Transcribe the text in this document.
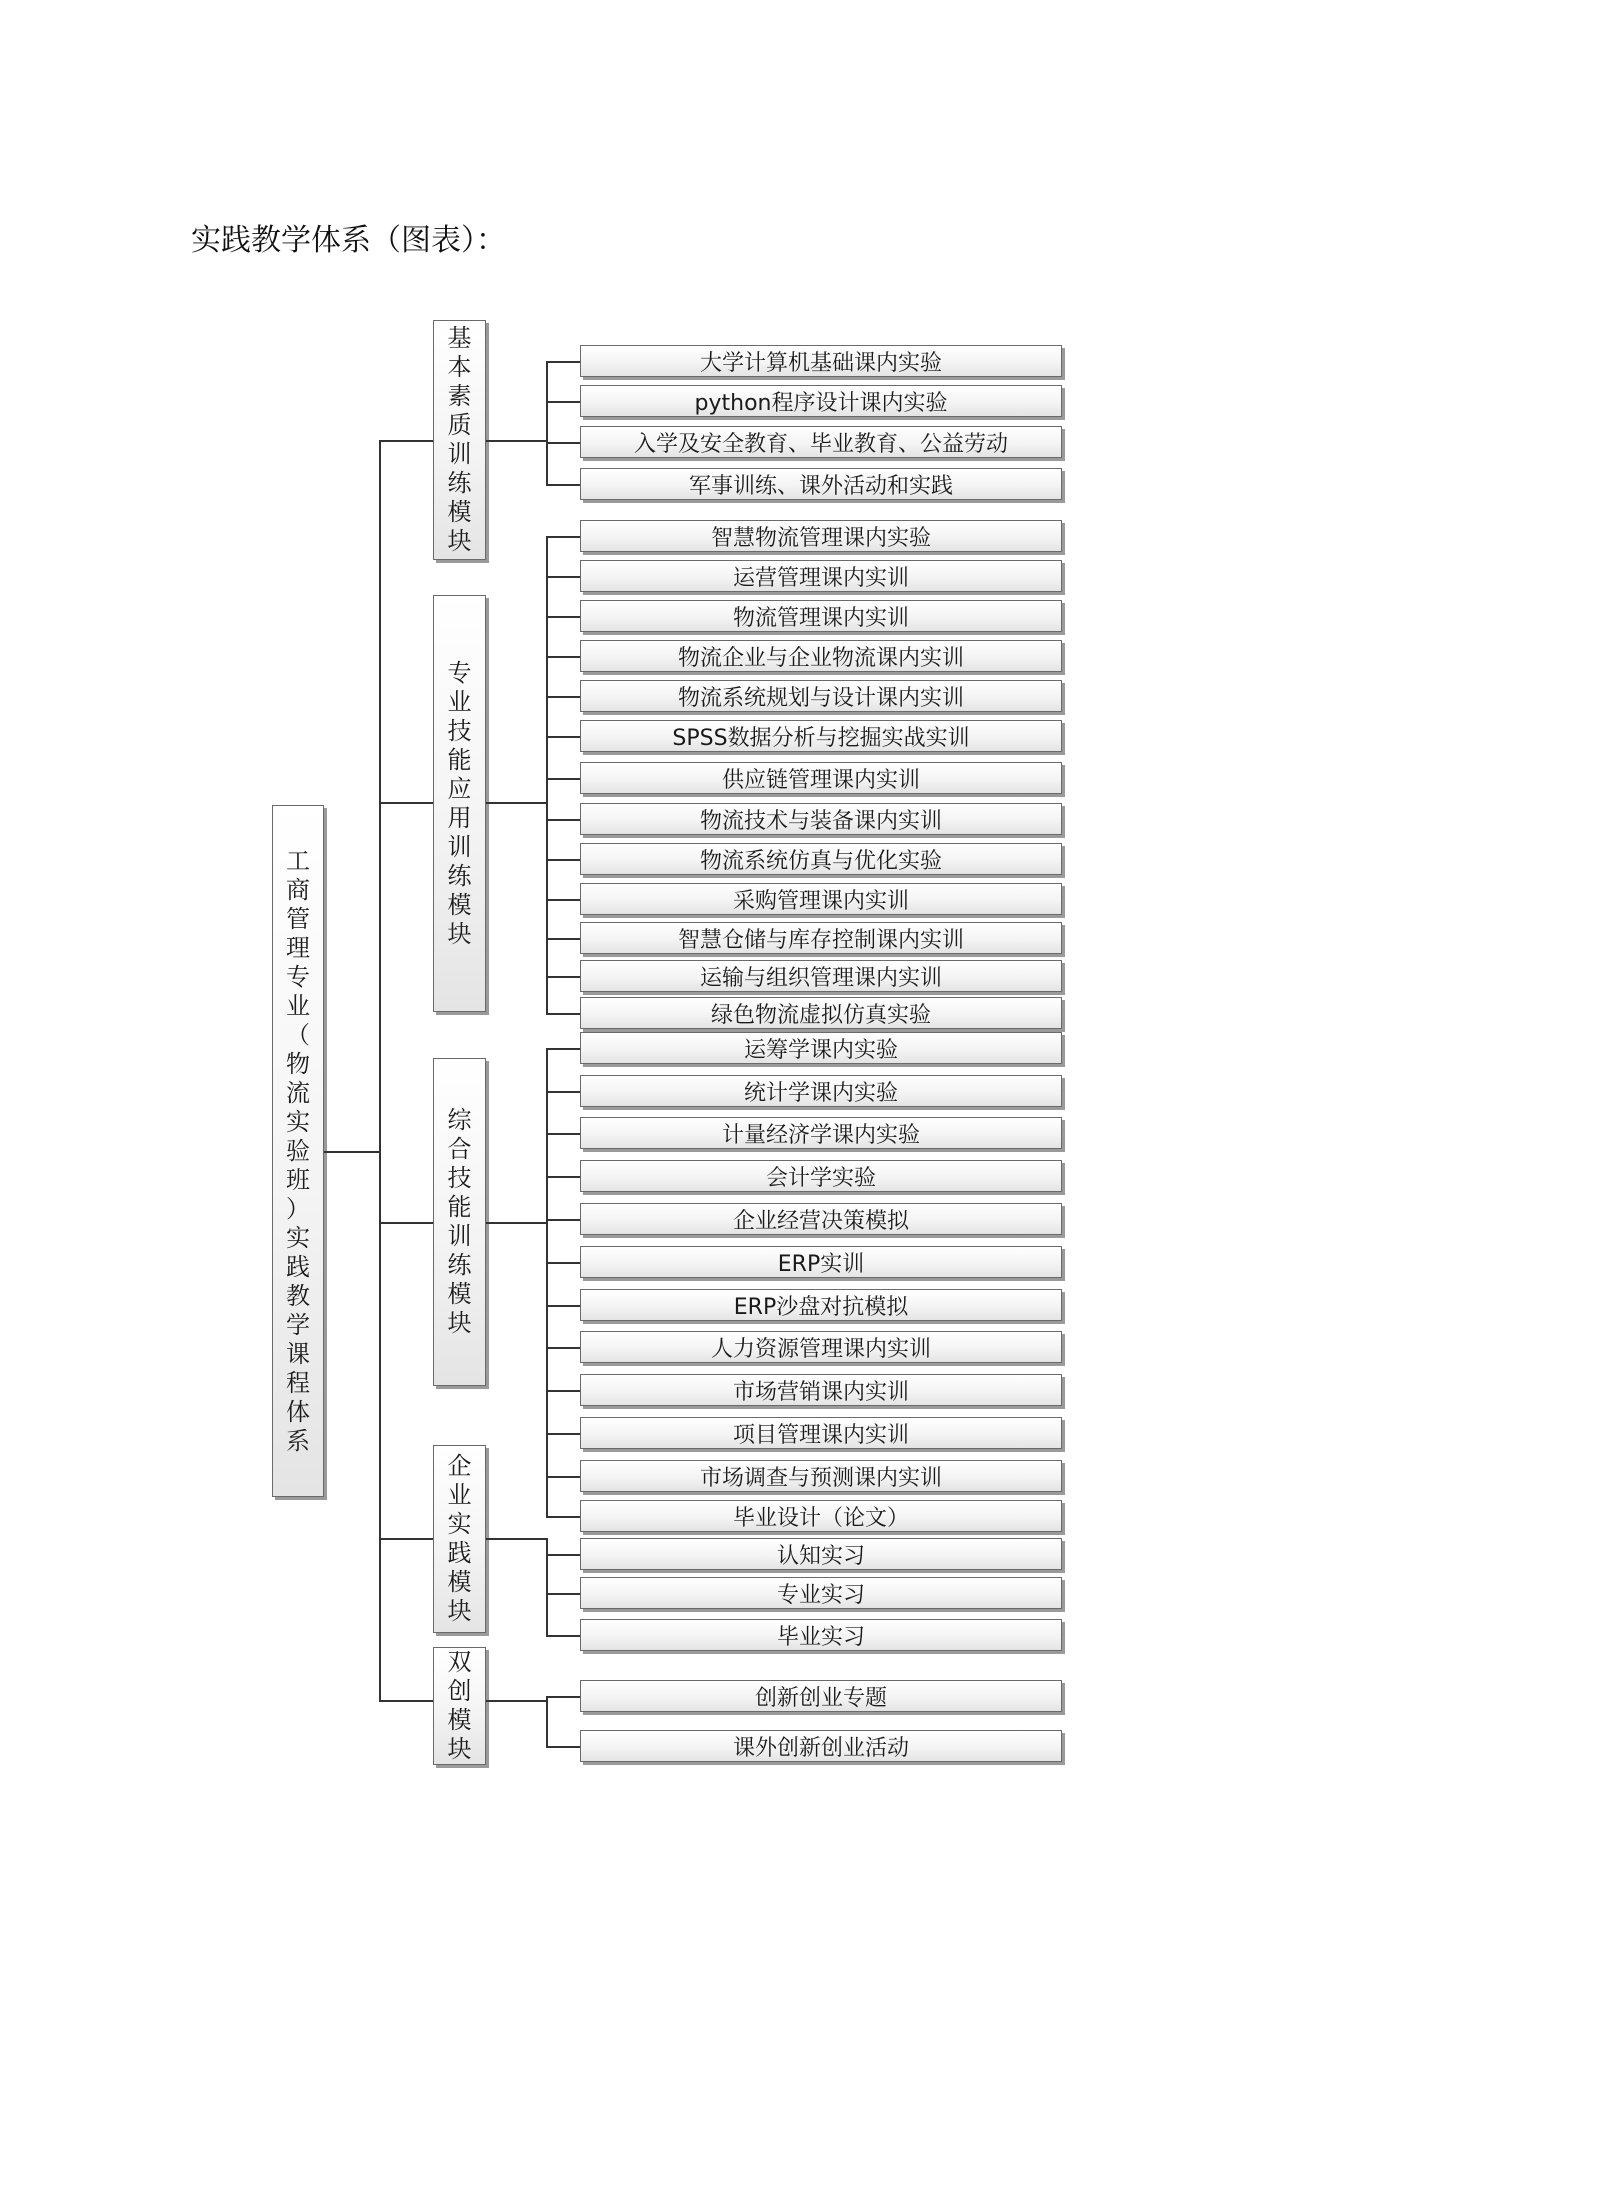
实践教学体系（图表）：
工
商
管
理
专
业
（
物
流
实
验
班
）
实
践
教
学
课
程
体
系
基
本
素
质
训
练
模
块
大学计算机基础课内实验
python程序设计课内实验
入学及安全教育、毕业教育、公益劳动
军事训练、课外活动和实践
专
业
技
能
应
用
训
练
模
块
智慧物流管理课内实验
运营管理课内实训
物流管理课内实训
物流企业与企业物流课内实训
物流系统规划与设计课内实训
SPSS数据分析与挖掘实战实训
供应链管理课内实训
物流技术与装备课内实训
物流系统仿真与优化实验
采购管理课内实训
智慧仓储与库存控制课内实训
运输与组织管理课内实训
绿色物流虚拟仿真实验
综
合
技
能
训
练
模
块
运筹学课内实验
统计学课内实验
计量经济学课内实验
会计学实验
企业经营决策模拟
ERP实训
ERP沙盘对抗模拟
人力资源管理课内实训
市场营销课内实训
项目管理课内实训
市场调查与预测课内实训
毕业设计（论文）
企
业
实
践
模
块
认知实习
专业实习
毕业实习
双
创
模
块
创新创业专题
课外创新创业活动
